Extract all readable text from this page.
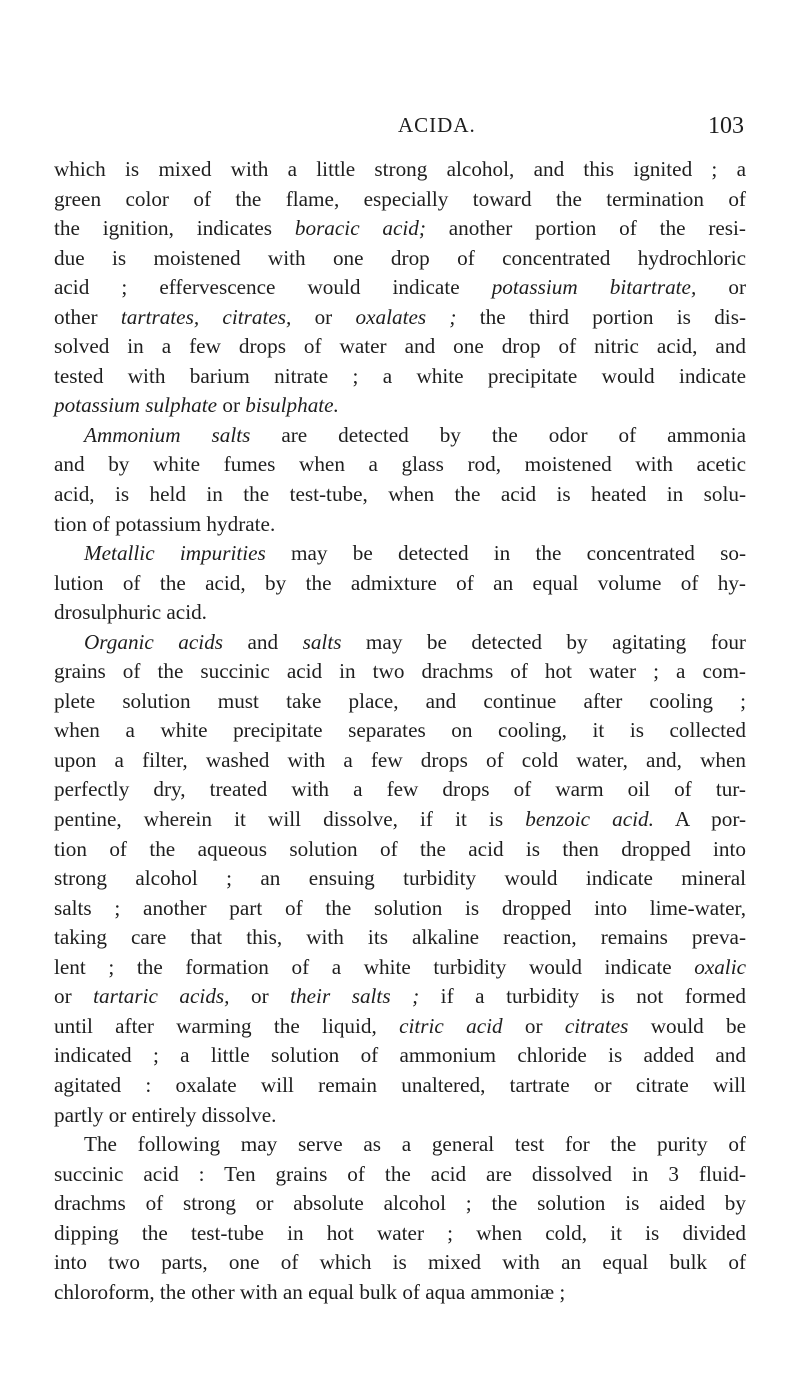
ACIDA.	103
which is mixed with a little strong alcohol, and this ignited ; a
green color of the flame, especially toward the termination of
the ignition, indicates boracic acid; another portion of the resi-
due is moistened with one drop of concentrated hydrochloric
acid ; effervescence would indicate potassium bitartrate, or
other tartrates, citrates, or oxalates ; the third portion is dis-
solved in a few drops of water and one drop of nitric acid, and
tested with barium nitrate ; a white precipitate would indicate
potassium sulphate or bisulphate.
Ammonium salts are detected by the odor of ammonia
and by white fumes when a glass rod, moistened with acetic
acid, is held in the test-tube, when the acid is heated in solu-
tion of potassium hydrate.
Metallic impurities may be detected in the concentrated so-
lution of the acid, by the admixture of an equal volume of hy-
drosulphuric acid.
Organic acids and salts may be detected by agitating four
grains of the succinic acid in two drachms of hot water ; a com-
plete solution must take place, and continue after cooling ;
when a white precipitate separates on cooling, it is collected
upon a filter, washed with a few drops of cold water, and, when
perfectly dry, treated with a few drops of warm oil of tur-
pentine, wherein it will dissolve, if it is benzoic acid. A por-
tion of the aqueous solution of the acid is then dropped into
strong alcohol ; an ensuing turbidity would indicate mineral
salts ; another part of the solution is dropped into lime-water,
taking care that this, with its alkaline reaction, remains preva-
lent ; the formation of a white turbidity would indicate oxalic
or tartaric acids, or their salts ; if a turbidity is not formed
until after warming the liquid, citric acid or citrates would be
indicated ; a little solution of ammonium chloride is added and
agitated : oxalate will remain unaltered, tartrate or citrate will
partly or entirely dissolve.
The following may serve as a general test for the purity of
succinic acid : Ten grains of the acid are dissolved in 3 fluid-
drachms of strong or absolute alcohol ; the solution is aided by
dipping the test-tube in hot water ; when cold, it is divided
into two parts, one of which is mixed with an equal bulk of
chloroform, the other with an equal bulk of aqua ammoniæ ;
